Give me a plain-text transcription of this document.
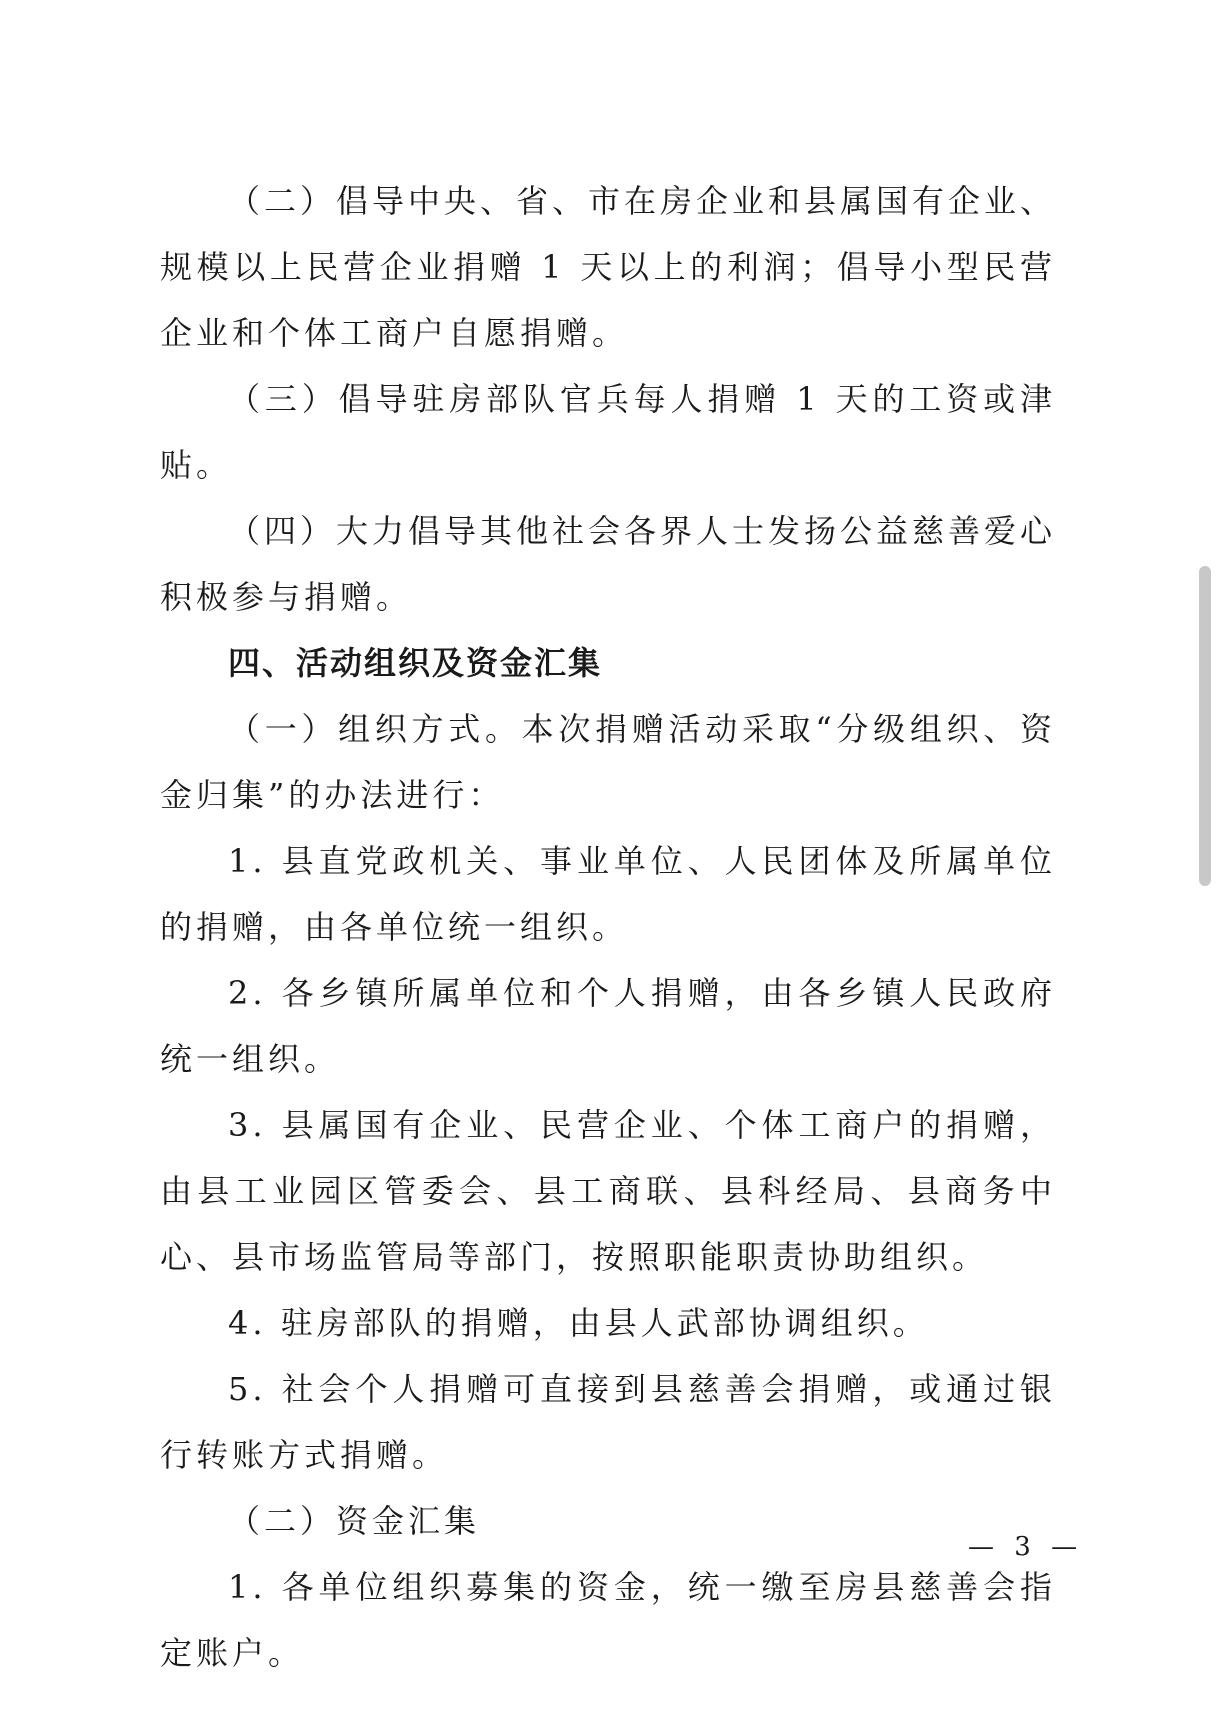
（二）倡导中央、省、市在房企业和县属国有企业、规模以上民营企业捐赠 1 天以上的利润；倡导小型民营企业和个体工商户自愿捐赠。

（三）倡导驻房部队官兵每人捐赠 1 天的工资或津贴。

（四）大力倡导其他社会各界人士发扬公益慈善爱心积极参与捐赠。

四、活动组织及资金汇集

（一）组织方式。本次捐赠活动采取“分级组织、资金归集”的办法进行：

1. 县直党政机关、事业单位、人民团体及所属单位的捐赠，由各单位统一组织。

2. 各乡镇所属单位和个人捐赠，由各乡镇人民政府统一组织。

3. 县属国有企业、民营企业、个体工商户的捐赠，由县工业园区管委会、县工商联、县科经局、县商务中心、县市场监管局等部门，按照职能职责协助组织。

4. 驻房部队的捐赠，由县人武部协调组织。

5. 社会个人捐赠可直接到县慈善会捐赠，或通过银行转账方式捐赠。

（二）资金汇集

1. 各单位组织募集的资金，统一缴至房县慈善会指定账户。

— 3 —
